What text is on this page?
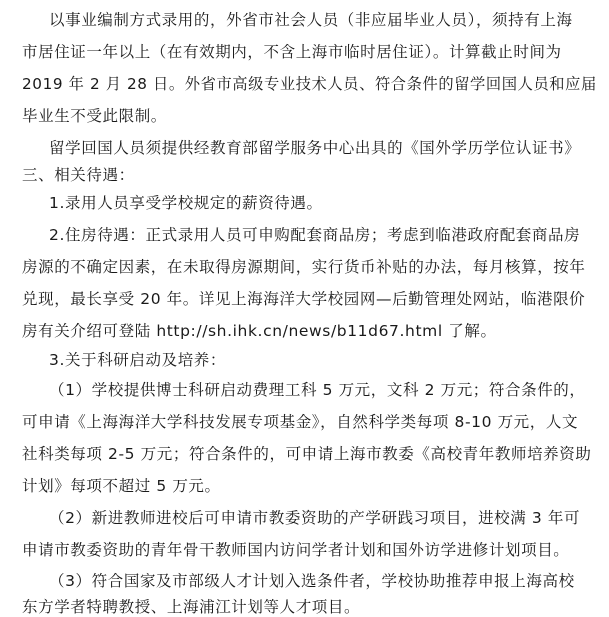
以事业编制方式录用的，外省市社会人员（非应届毕业人员），须持有上海
市居住证一年以上（在有效期内，不含上海市临时居住证）。计算截止时间为
2019 年 2 月 28 日。外省市高级专业技术人员、符合条件的留学回国人员和应届
毕业生不受此限制。
留学回国人员须提供经教育部留学服务中心出具的《国外学历学位认证书》
三、相关待遇：
1.录用人员享受学校规定的薪资待遇。
2.住房待遇：正式录用人员可申购配套商品房；考虑到临港政府配套商品房
房源的不确定因素，在未取得房源期间，实行货币补贴的办法，每月核算，按年
兑现，最长享受 20 年。详见上海海洋大学校园网—后勤管理处网站，临港限价
房有关介绍可登陆 http://sh.ihk.cn/news/b11d67.html 了解。
3.关于科研启动及培养：
（1）学校提供博士科研启动费理工科 5 万元，文科 2 万元；符合条件的，
可申请《上海海洋大学科技发展专项基金》，自然科学类每项 8-10 万元，人文
社科类每项 2-5 万元；符合条件的，可申请上海市教委《高校青年教师培养资助
计划》每项不超过 5 万元。
（2）新进教师进校后可申请市教委资助的产学研践习项目，进校满 3 年可
申请市教委资助的青年骨干教师国内访问学者计划和国外访学进修计划项目。
（3）符合国家及市部级人才计划入选条件者，学校协助推荐申报上海高校
东方学者特聘教授、上海浦江计划等人才项目。
